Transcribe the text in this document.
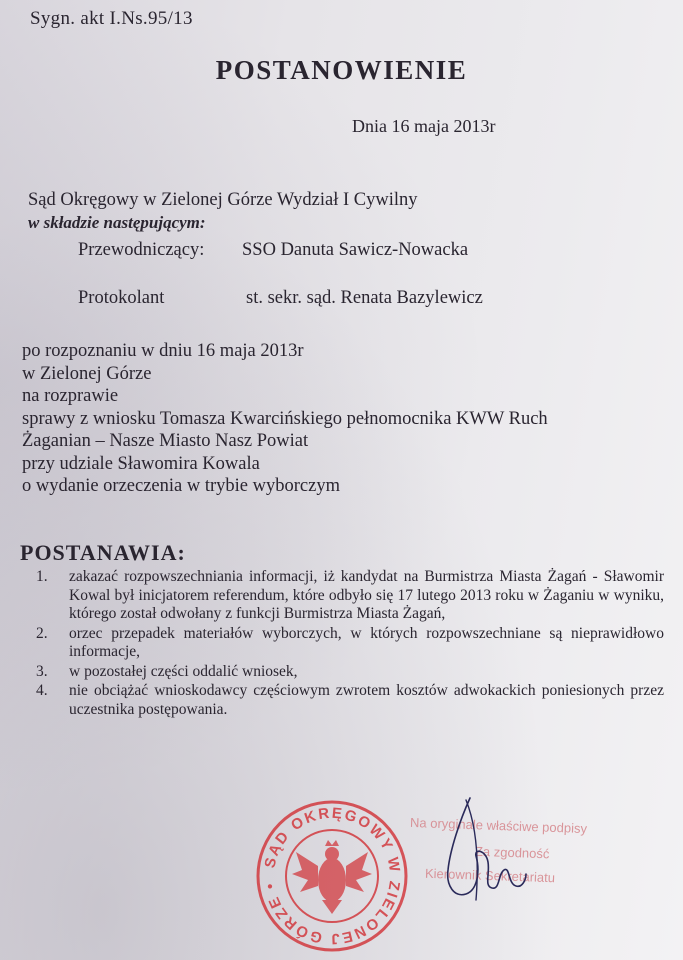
Sygn. akt I.Ns.95/13
POSTANOWIENIE
Dnia 16 maja 2013r
Sąd Okręgowy w Zielonej Górze Wydział I Cywilny
w składzie następującym:
Przewodniczący: SSO Danuta Sawicz-Nowacka
Protokolant	st. sekr. sąd. Renata Bazylewicz
po rozpoznaniu w dniu 16 maja 2013r
w Zielonej Górze
na rozprawie
sprawy z wniosku Tomasza Kwarcińskiego pełnomocnika KWW Ruch
Żaganian – Nasze Miasto Nasz Powiat
przy udziale Sławomira Kowala
o wydanie orzeczenia w trybie wyborczym
POSTANAWIA:
1.	zakazać rozpowszechniania informacji, iż kandydat na Burmistrza Miasta Żagań - Sławomir Kowal był inicjatorem referendum, które odbyło się 17 lutego 2013 roku w Żaganiu w wyniku, którego został odwołany z funkcji Burmistrza Miasta Żagań,
2.	orzec przepadek materiałów wyborczych, w których rozpowszechniane są nieprawidłowo informacje,
3.	w pozostałej części oddalić wniosek,
4.	nie obciążać wnioskodawcy częściowym zwrotem kosztów adwokackich poniesionych przez uczestnika postępowania.
SĄD OKRĘGOWY W ZIELONEJ GÓRZE •
Na oryginale właściwe podpisy
Za zgodność
Kierownik Sekretariatu
